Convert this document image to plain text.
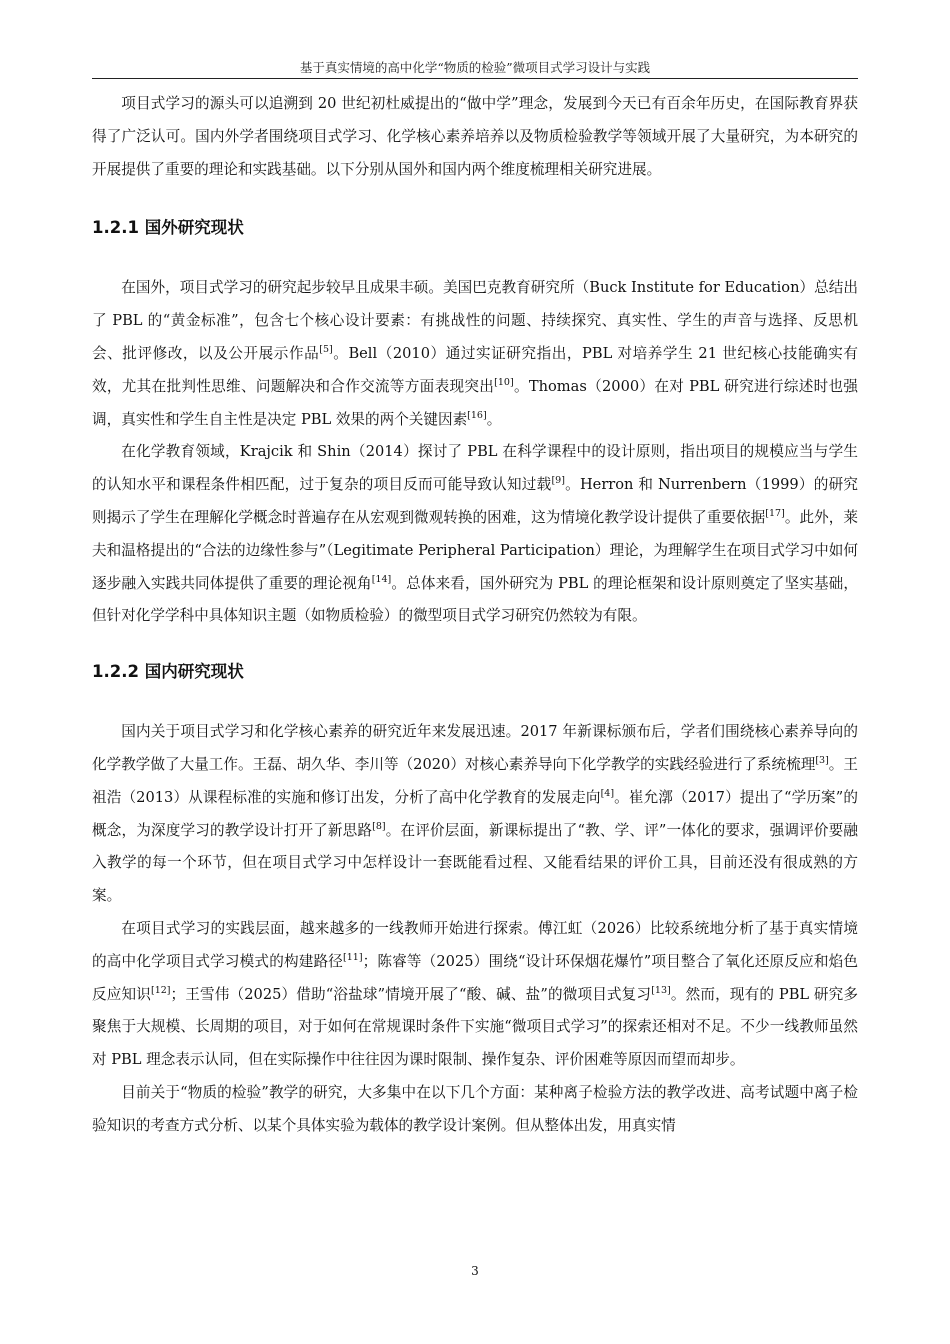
基于真实情境的高中化学“物质的检验”微项目式学习设计与实践

项目式学习的源头可以追溯到 20 世纪初杜威提出的“做中学”理念，发展到今天已有百余年历史，在国际教育界获得了广泛认可。国内外学者围绕项目式学习、化学核心素养培养以及物质检验教学等领域开展了大量研究，为本研究的开展提供了重要的理论和实践基础。以下分别从国外和国内两个维度梳理相关研究进展。

1.2.1 国外研究现状

在国外，项目式学习的研究起步较早且成果丰硕。美国巴克教育研究所（Buck Institute for Education）总结出了 PBL 的“黄金标准”，包含七个核心设计要素：有挑战性的问题、持续探究、真实性、学生的声音与选择、反思机会、批评修改，以及公开展示作品[5]。Bell（2010）通过实证研究指出，PBL 对培养学生 21 世纪核心技能确实有效，尤其在批判性思维、问题解决和合作交流等方面表现突出[10]。Thomas（2000）在对 PBL 研究进行综述时也强调，真实性和学生自主性是决定 PBL 效果的两个关键因素[16]。

在化学教育领域，Krajcik 和 Shin（2014）探讨了 PBL 在科学课程中的设计原则，指出项目的规模应当与学生的认知水平和课程条件相匹配，过于复杂的项目反而可能导致认知过载[9]。Herron 和 Nurrenbern（1999）的研究则揭示了学生在理解化学概念时普遍存在从宏观到微观转换的困难，这为情境化教学设计提供了重要依据[17]。此外，莱夫和温格提出的“合法的边缘性参与”（Legitimate Peripheral Participation）理论，为理解学生在项目式学习中如何逐步融入实践共同体提供了重要的理论视角[14]。总体来看，国外研究为 PBL 的理论框架和设计原则奠定了坚实基础，但针对化学学科中具体知识主题（如物质检验）的微型项目式学习研究仍然较为有限。

1.2.2 国内研究现状

国内关于项目式学习和化学核心素养的研究近年来发展迅速。2017 年新课标颁布后，学者们围绕核心素养导向的化学教学做了大量工作。王磊、胡久华、李川等（2020）对核心素养导向下化学教学的实践经验进行了系统梳理[3]。王祖浩（2013）从课程标准的实施和修订出发，分析了高中化学教育的发展走向[4]。崔允漷（2017）提出了“学历案”的概念，为深度学习的教学设计打开了新思路[8]。在评价层面，新课标提出了“教、学、评”一体化的要求，强调评价要融入教学的每一个环节，但在项目式学习中怎样设计一套既能看过程、又能看结果的评价工具，目前还没有很成熟的方案。

在项目式学习的实践层面，越来越多的一线教师开始进行探索。傅江虹（2026）比较系统地分析了基于真实情境的高中化学项目式学习模式的构建路径[11]；陈睿等（2025）围绕“设计环保烟花爆竹”项目整合了氧化还原反应和焰色反应知识[12]；王雪伟（2025）借助“浴盐球”情境开展了“酸、碱、盐”的微项目式复习[13]。然而，现有的 PBL 研究多聚焦于大规模、长周期的项目，对于如何在常规课时条件下实施“微项目式学习”的探索还相对不足。不少一线教师虽然对 PBL 理念表示认同，但在实际操作中往往因为课时限制、操作复杂、评价困难等原因而望而却步。

目前关于“物质的检验”教学的研究，大多集中在以下几个方面：某种离子检验方法的教学改进、高考试题中离子检验知识的考查方式分析、以某个具体实验为载体的教学设计案例。但从整体出发，用真实情

3
